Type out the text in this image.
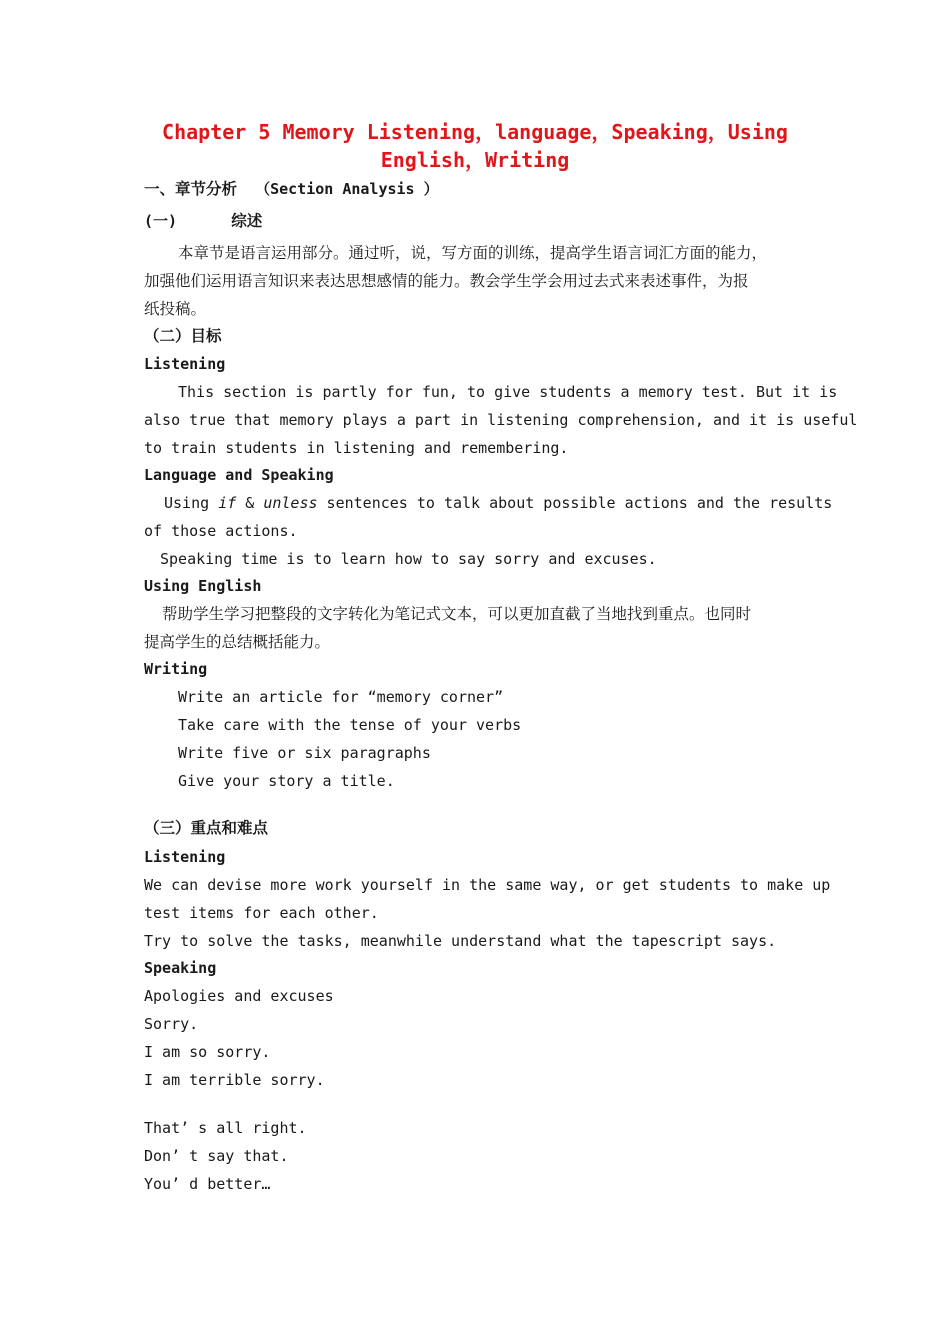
Chapter 5 Memory Listening，language，Speaking，Using
English，Writing
一、章节分析 （Section Analysis ）
(一)	综述
本章节是语言运用部分。通过听，说，写方面的训练，提高学生语言词汇方面的能力，
加强他们运用语言知识来表达思想感情的能力。教会学生学会用过去式来表述事件，为报
纸投稿。
（二）目标
Listening
This section is partly for fun, to give students a memory test. But it is
also true that memory plays a part in listening comprehension, and it is useful
to train students in listening and remembering.
Language and Speaking
Using if & unless sentences to talk about possible actions and the results
of those actions.
Speaking time is to learn how to say sorry and excuses.
Using English
帮助学生学习把整段的文字转化为笔记式文本，可以更加直截了当地找到重点。也同时
提高学生的总结概括能力。
Writing
Write an article for “memory corner”
Take care with the tense of your verbs
Write five or six paragraphs
Give your story a title.
（三）重点和难点
Listening
We can devise more work yourself in the same way, or get students to make up
test items for each other.
Try to solve the tasks, meanwhile understand what the tapescript says.
Speaking
Apologies and excuses
Sorry.
I am so sorry.
I am terrible sorry.
That’ s all right.
Don’ t say that.
You’ d better…
